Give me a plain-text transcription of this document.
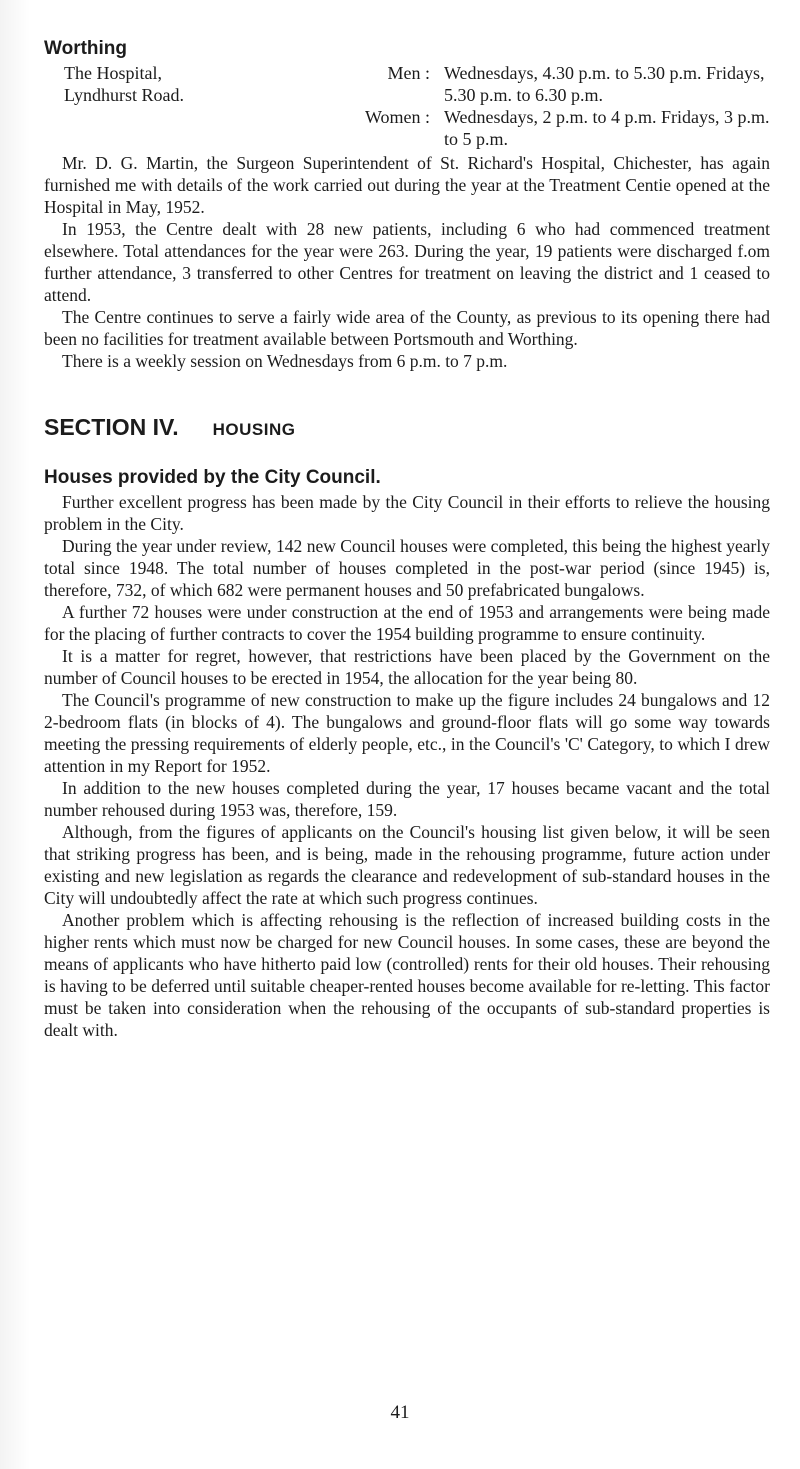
Worthing
The Hospital,
Lyndhurst Road.
Men : Wednesdays, 4.30 p.m. to 5.30 p.m. Fridays, 5.30 p.m. to 6.30 p.m.
Women : Wednesdays, 2 p.m. to 4 p.m. Fridays, 3 p.m. to 5 p.m.

Mr. D. G. Martin, the Surgeon Superintendent of St. Richard's Hospital, Chichester, has again furnished me with details of the work carried out during the year at the Treatment Centie opened at the Hospital in May, 1952.

In 1953, the Centre dealt with 28 new patients, including 6 who had commenced treatment elsewhere. Total attendances for the year were 263. During the year, 19 patients were discharged f.om further attendance, 3 transferred to other Centres for treatment on leaving the district and 1 ceased to attend.

The Centre continues to serve a fairly wide area of the County, as previous to its opening there had been no facilities for treatment available between Portsmouth and Worthing.

There is a weekly session on Wednesdays from 6 p.m. to 7 p.m.

SECTION IV. HOUSING
Houses provided by the City Council.

Further excellent progress has been made by the City Council in their efforts to relieve the housing problem in the City.

During the year under review, 142 new Council houses were completed, this being the highest yearly total since 1948. The total number of houses completed in the post-war period (since 1945) is, therefore, 732, of which 682 were permanent houses and 50 prefabricated bungalows.

A further 72 houses were under construction at the end of 1953 and arrangements were being made for the placing of further contracts to cover the 1954 building programme to ensure continuity.

It is a matter for regret, however, that restrictions have been placed by the Government on the number of Council houses to be erected in 1954, the allocation for the year being 80.

The Council's programme of new construction to make up the figure includes 24 bungalows and 12 2-bedroom flats (in blocks of 4). The bungalows and ground-floor flats will go some way towards meeting the pressing requirements of elderly people, etc., in the Council's 'C' Category, to which I drew attention in my Report for 1952.

In addition to the new houses completed during the year, 17 houses became vacant and the total number rehoused during 1953 was, therefore, 159.

Although, from the figures of applicants on the Council's housing list given below, it will be seen that striking progress has been, and is being, made in the rehousing programme, future action under existing and new legislation as regards the clearance and redevelopment of sub-standard houses in the City will undoubtedly affect the rate at which such progress continues.

Another problem which is affecting rehousing is the reflection of increased building costs in the higher rents which must now be charged for new Council houses. In some cases, these are beyond the means of applicants who have hitherto paid low (controlled) rents for their old houses. Their rehousing is having to be deferred until suitable cheaper-rented houses become available for re-letting. This factor must be taken into consideration when the rehousing of the occupants of sub-standard properties is dealt with.

41
